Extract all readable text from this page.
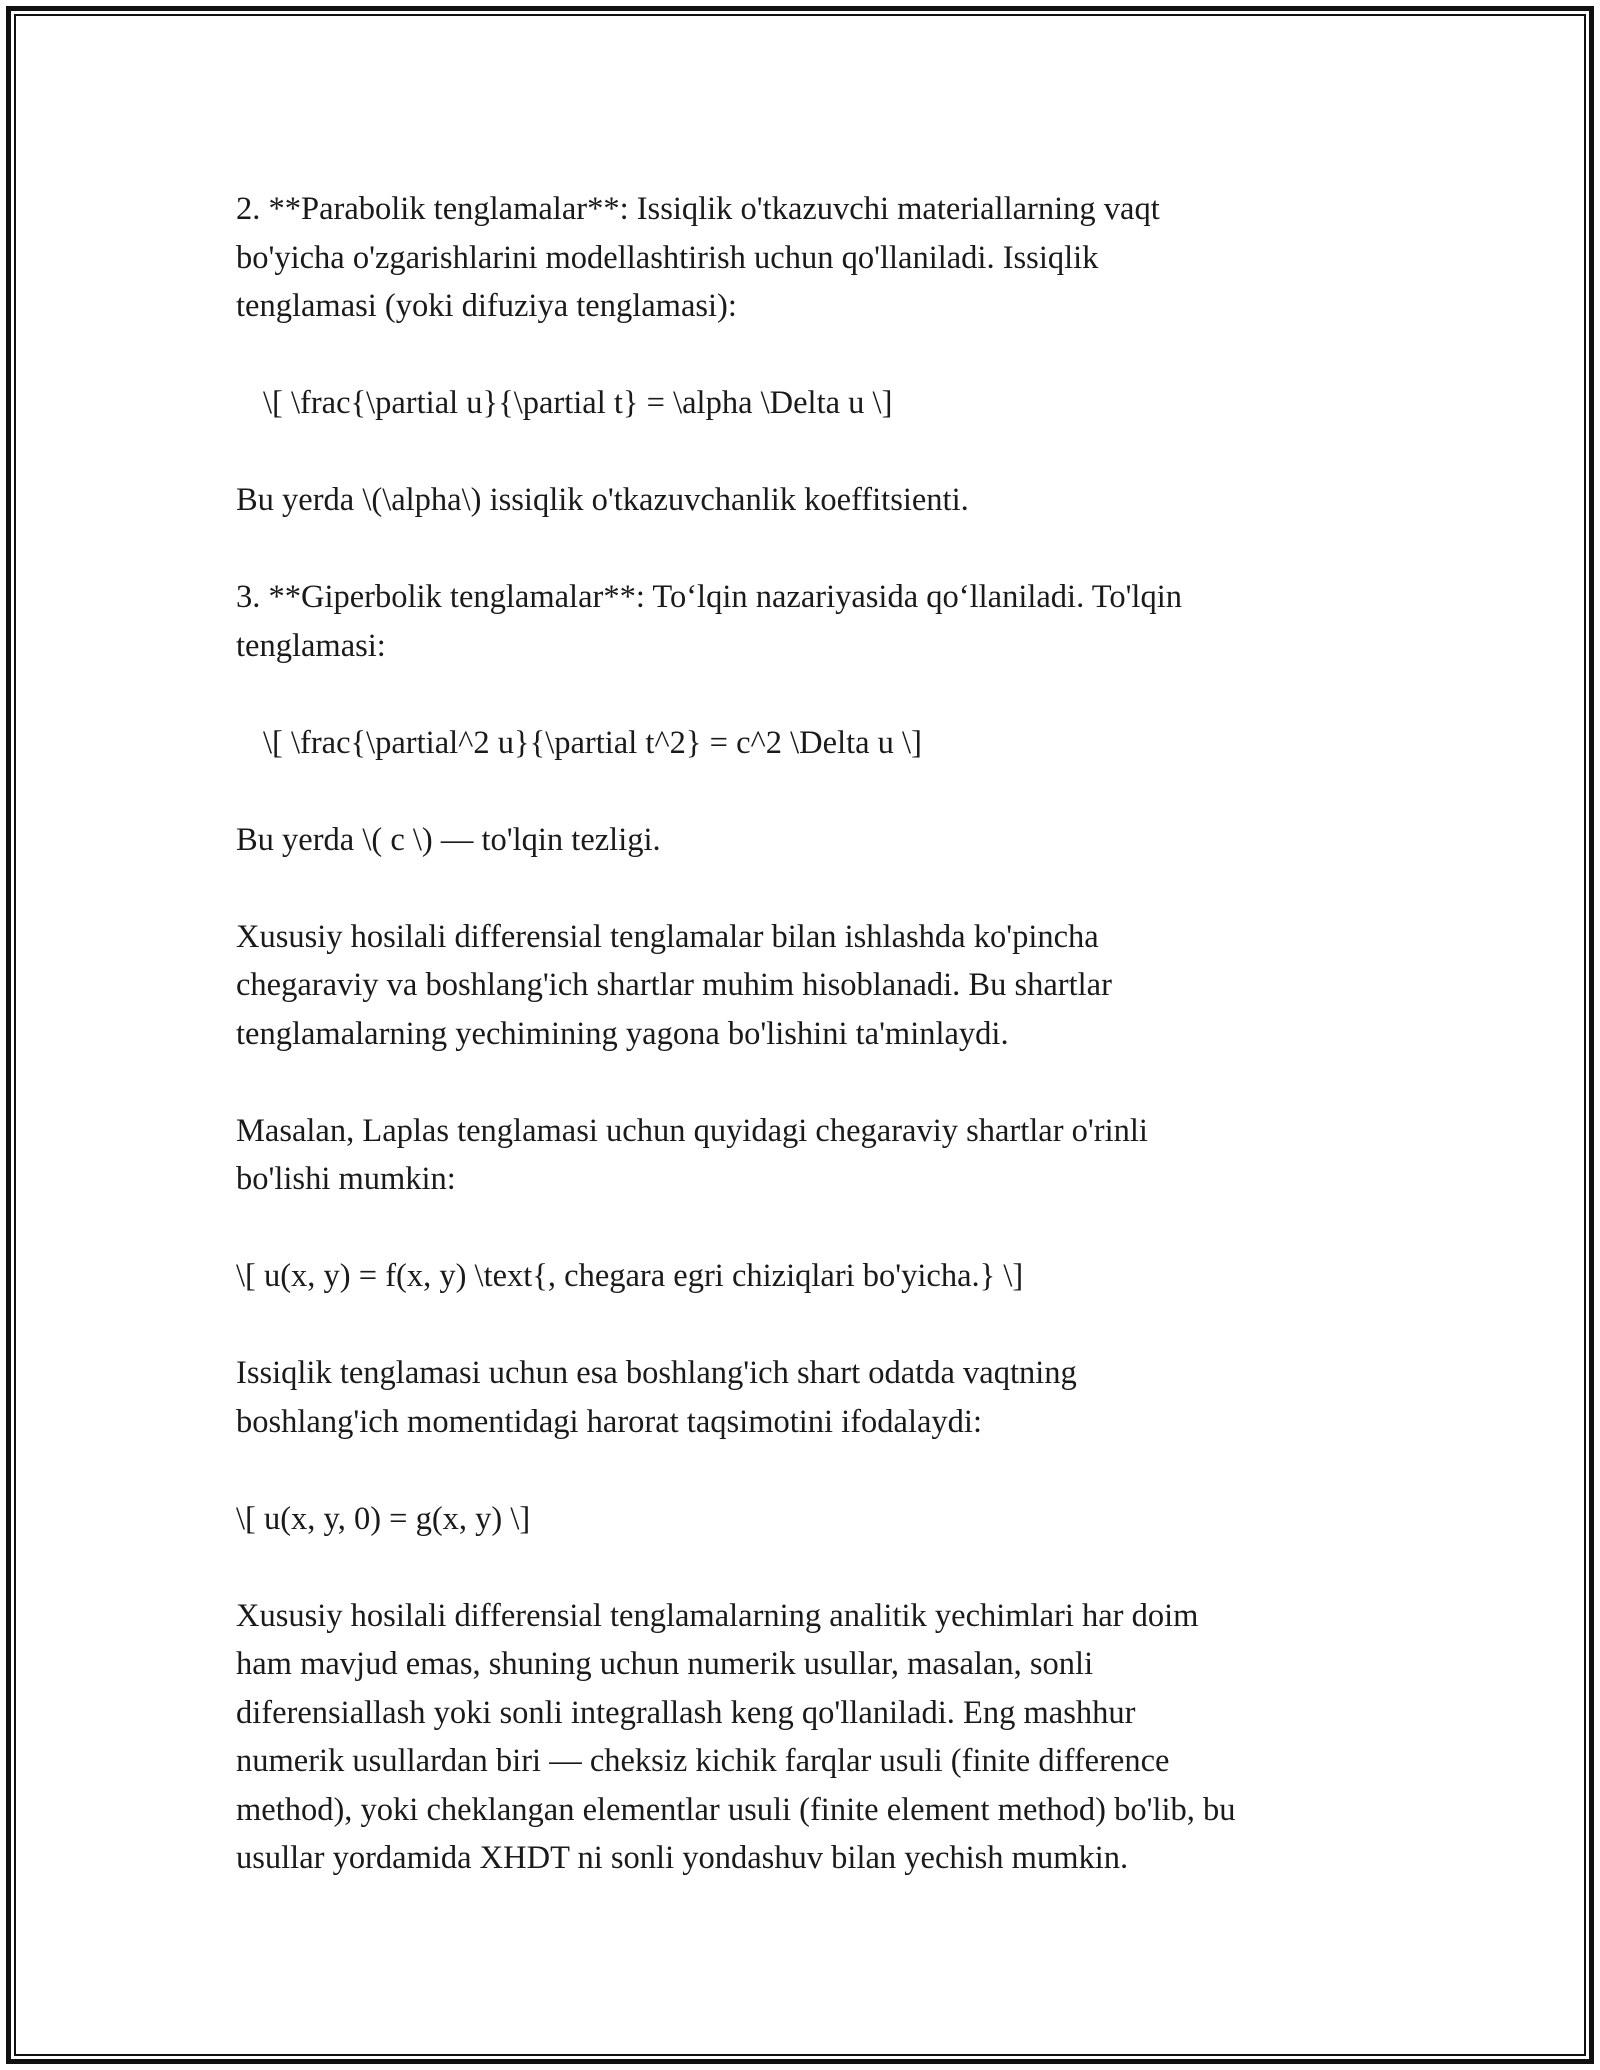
2. **Parabolik tenglamalar**: Issiqlik o'tkazuvchi materiallarning vaqt
bo'yicha o'zgarishlarini modellashtirish uchun qo'llaniladi. Issiqlik
tenglamasi (yoki difuziya tenglamasi):

\[ \frac{\partial u}{\partial t} = \alpha \Delta u \]

Bu yerda \(\alpha\) issiqlik o'tkazuvchanlik koeffitsienti.

3. **Giperbolik tenglamalar**: To‘lqin nazariyasida qo‘llaniladi. To'lqin
tenglamasi:

\[ \frac{\partial^2 u}{\partial t^2} = c^2 \Delta u \]

Bu yerda \( c \) — to'lqin tezligi.

Xususiy hosilali differensial tenglamalar bilan ishlashda ko'pincha
chegaraviy va boshlang'ich shartlar muhim hisoblanadi. Bu shartlar
tenglamalarning yechimining yagona bo'lishini ta'minlaydi.

Masalan, Laplas tenglamasi uchun quyidagi chegaraviy shartlar o'rinli
bo'lishi mumkin:

\[ u(x, y) = f(x, y) \text{, chegara egri chiziqlari bo'yicha.} \]

Issiqlik tenglamasi uchun esa boshlang'ich shart odatda vaqtning
boshlang'ich momentidagi harorat taqsimotini ifodalaydi:

\[ u(x, y, 0) = g(x, y) \]

Xususiy hosilali differensial tenglamalarning analitik yechimlari har doim
ham mavjud emas, shuning uchun numerik usullar, masalan, sonli
diferensiallash yoki sonli integrallash keng qo'llaniladi. Eng mashhur
numerik usullardan biri — cheksiz kichik farqlar usuli (finite difference
method), yoki cheklangan elementlar usuli (finite element method) bo'lib, bu
usullar yordamida XHDT ni sonli yondashuv bilan yechish mumkin.
